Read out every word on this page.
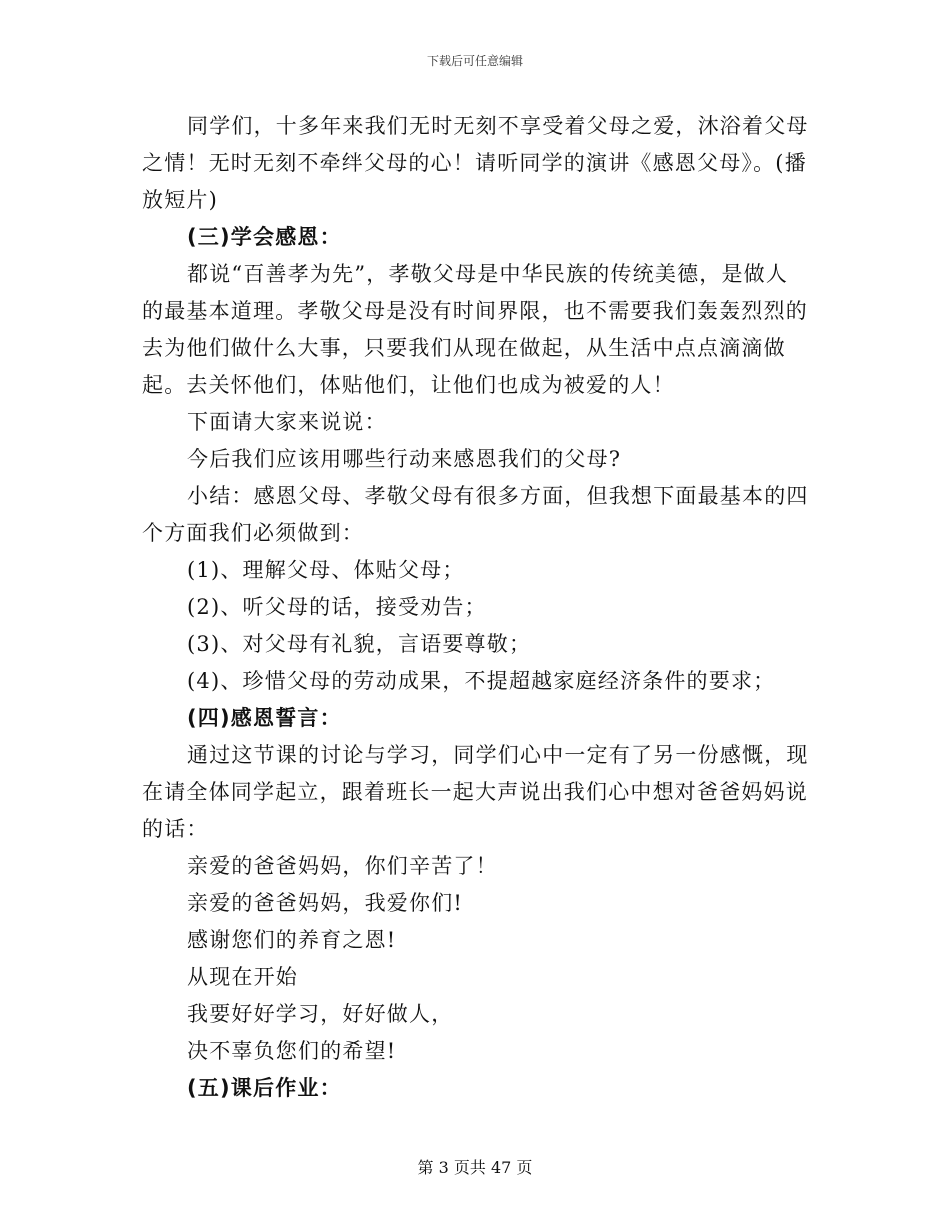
下载后可任意编辑

同学们，十多年来我们无时无刻不享受着父母之爱，沐浴着父母之情！无时无刻不牵绊父母的心！请听同学的演讲《感恩父母》。(播放短片)

(三)学会感恩：

都说“百善孝为先”，孝敬父母是中华民族的传统美德，是做人的最基本道理。孝敬父母是没有时间界限，也不需要我们轰轰烈烈的去为他们做什么大事，只要我们从现在做起，从生活中点点滴滴做起。去关怀他们，体贴他们，让他们也成为被爱的人！

下面请大家来说说：

今后我们应该用哪些行动来感恩我们的父母?

小结：感恩父母、孝敬父母有很多方面，但我想下面最基本的四个方面我们必须做到：

(1)、理解父母、体贴父母；

(2)、听父母的话，接受劝告；

(3)、对父母有礼貌，言语要尊敬；

(4)、珍惜父母的劳动成果，不提超越家庭经济条件的要求；

(四)感恩誓言：

通过这节课的讨论与学习，同学们心中一定有了另一份感慨，现在请全体同学起立，跟着班长一起大声说出我们心中想对爸爸妈妈说的话：

亲爱的爸爸妈妈，你们辛苦了！

亲爱的爸爸妈妈，我爱你们!

感谢您们的养育之恩!

从现在开始

我要好好学习，好好做人，

决不辜负您们的希望!

(五)课后作业：

第 3 页共 47 页
